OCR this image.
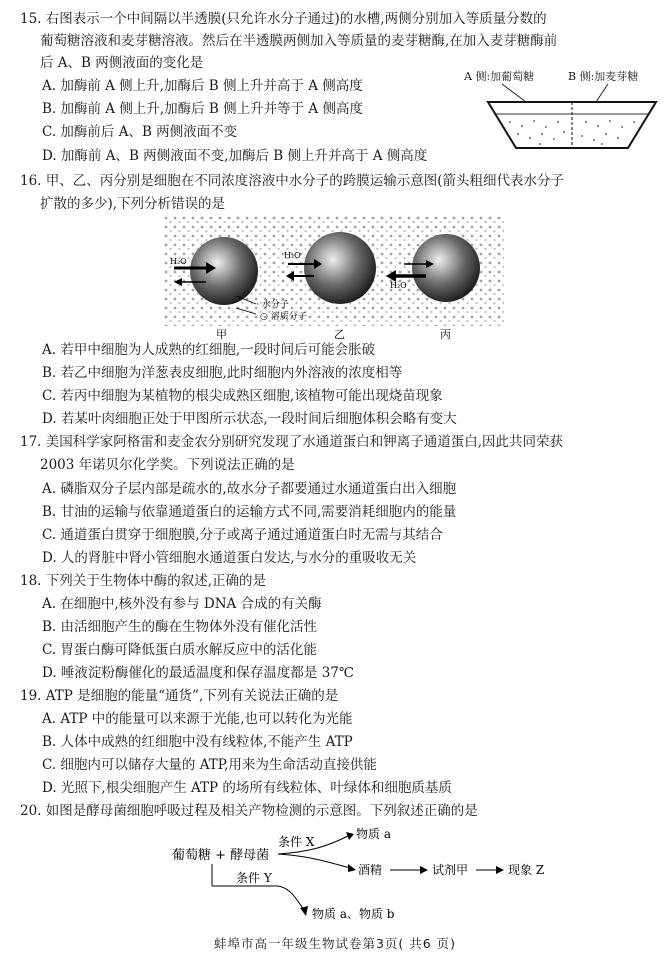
15. 右图表示一个中间隔以半透膜(只允许水分子通过)的水槽,两侧分别加入等质量分数的
葡萄糖溶液和麦芽糖溶液。然后在半透膜两侧加入等质量的麦芽糖酶,在加入麦芽糖酶前
后 A、B 两侧液面的变化是
A. 加酶前 A 侧上升,加酶后 B 侧上升并高于 A 侧高度
B. 加酶前 A 侧上升,加酶后 B 侧上升并等于 A 侧高度
C. 加酶前后 A、B 两侧液面不变
D. 加酶前 A、B 两侧液面不变,加酶后 B 侧上升并高于 A 侧高度
A 侧:加葡萄糖	B 侧:加麦芽糖
16. 甲、乙、丙分别是细胞在不同浓度溶液中水分子的跨膜运输示意图(箭头粗细代表水分子
扩散的多少),下列分析错误的是
H₂O
H₂O
H₂O
· 水分子
○ 溶质分子
甲	乙	丙
A. 若甲中细胞为人成熟的红细胞,一段时间后可能会胀破
B. 若乙中细胞为洋葱表皮细胞,此时细胞内外溶液的浓度相等
C. 若丙中细胞为某植物的根尖成熟区细胞,该植物可能出现烧苗现象
D. 若某叶肉细胞正处于甲图所示状态,一段时间后细胞体积会略有变大
17. 美国科学家阿格雷和麦金农分别研究发现了水通道蛋白和钾离子通道蛋白,因此共同荣获
2003 年诺贝尔化学奖。下列说法正确的是
A. 磷脂双分子层内部是疏水的,故水分子都要通过水通道蛋白出入细胞
B. 甘油的运输与依靠通道蛋白的运输方式不同,需要消耗细胞内的能量
C. 通道蛋白贯穿于细胞膜,分子或离子通过通道蛋白时无需与其结合
D. 人的肾脏中肾小管细胞水通道蛋白发达,与水分的重吸收无关
18. 下列关于生物体中酶的叙述,正确的是
A. 在细胞中,核外没有参与 DNA 合成的有关酶
B. 由活细胞产生的酶在生物体外没有催化活性
C. 胃蛋白酶可降低蛋白质水解反应中的活化能
D. 唾液淀粉酶催化的最适温度和保存温度都是 37℃
19. ATP 是细胞的能量“通货”,下列有关说法正确的是
A. ATP 中的能量可以来源于光能,也可以转化为光能
B. 人体中成熟的红细胞中没有线粒体,不能产生 ATP
C. 细胞内可以储存大量的 ATP,用来为生命活动直接供能
D. 光照下,根尖细胞产生 ATP 的场所有线粒体、叶绿体和细胞质基质
20. 如图是酵母菌细胞呼吸过程及相关产物检测的示意图。下列叙述正确的是
葡萄糖 + 酵母菌
条件 X
物质 a
酒精	试剂甲	现象 Z
条件 Y
物质 a、物质 b
蚌埠市高一年级生物试卷第3页( 共6 页)
